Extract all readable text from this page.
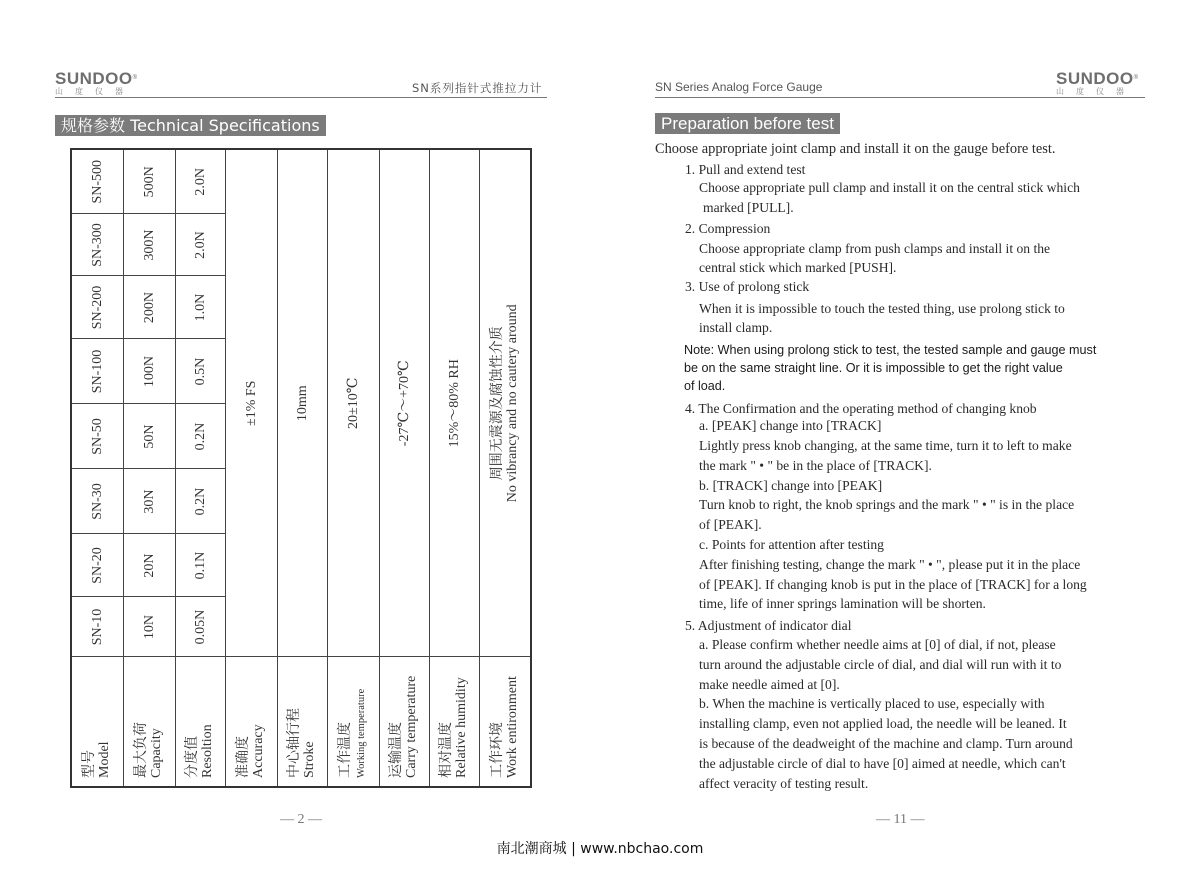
SUNDOO®
山度仪器	SN系列指针式推拉力计
规格参数 Technical Specifications
型号
Model	SN-10	SN-20	SN-30	SN-50	SN-100	SN-200	SN-300	SN-500
最大负荷
Capacity	10N	20N	30N	50N	100N	200N	300N	500N
分度值
Resoltion	0.05N	0.1N	0.2N	0.2N	0.5N	1.0N	2.0N	2.0N
准确度
Accuracy	±1% FS							
中心轴行程
Stroke	10mm							
工作温度 Working temperature	20±10℃							
运输温度
Carry temperature	-27℃～+70℃							
相对温度
Relative humidity	15%～80% RH							
工作环境
Work entironment	周围无震源及腐蚀性介质
No vibrancy and no cautery around							
— 2 —
SN Series Analog Force Gauge	SUNDOO®
山度仪器
Preparation before test
Choose appropriate joint clamp and install it on the gauge before test.
1. Pull and extend test
Choose appropriate pull clamp and install it on the central stick which
marked [PULL].
2. Compression
Choose appropriate clamp from push clamps and install it on the
central stick which marked [PUSH].
3. Use of prolong stick
When it is impossible to touch the tested thing, use prolong stick to
install clamp.
Note: When using prolong stick to test, the tested sample and gauge must
be on the same straight line. Or it is impossible to get the right value
of load.
4. The Confirmation and the operating method of changing knob
a. [PEAK] change into [TRACK]
Lightly press knob changing, at the same time, turn it to left to make
the mark " • " be in the place of [TRACK].
b. [TRACK] change into [PEAK]
Turn knob to right, the knob springs and the mark " • " is in the place
of [PEAK].
c. Points for attention after testing
After finishing testing, change the mark " • ", please put it in the place
of [PEAK]. If changing knob is put in the place of [TRACK] for a long
time, life of inner springs lamination will be shorten.
5. Adjustment of indicator dial
a. Please confirm whether needle aims at [0] of dial, if not, please
turn around the adjustable circle of dial, and dial will run with it to
make needle aimed at [0].
b. When the machine is vertically placed to use, especially with
installing clamp, even not applied load, the needle will be leaned. It
is because of the deadweight of the machine and clamp. Turn around
the adjustable circle of dial to have [0] aimed at needle, which can't
affect veracity of testing result.
— 11 —
南北潮商城 | www.nbchao.com
